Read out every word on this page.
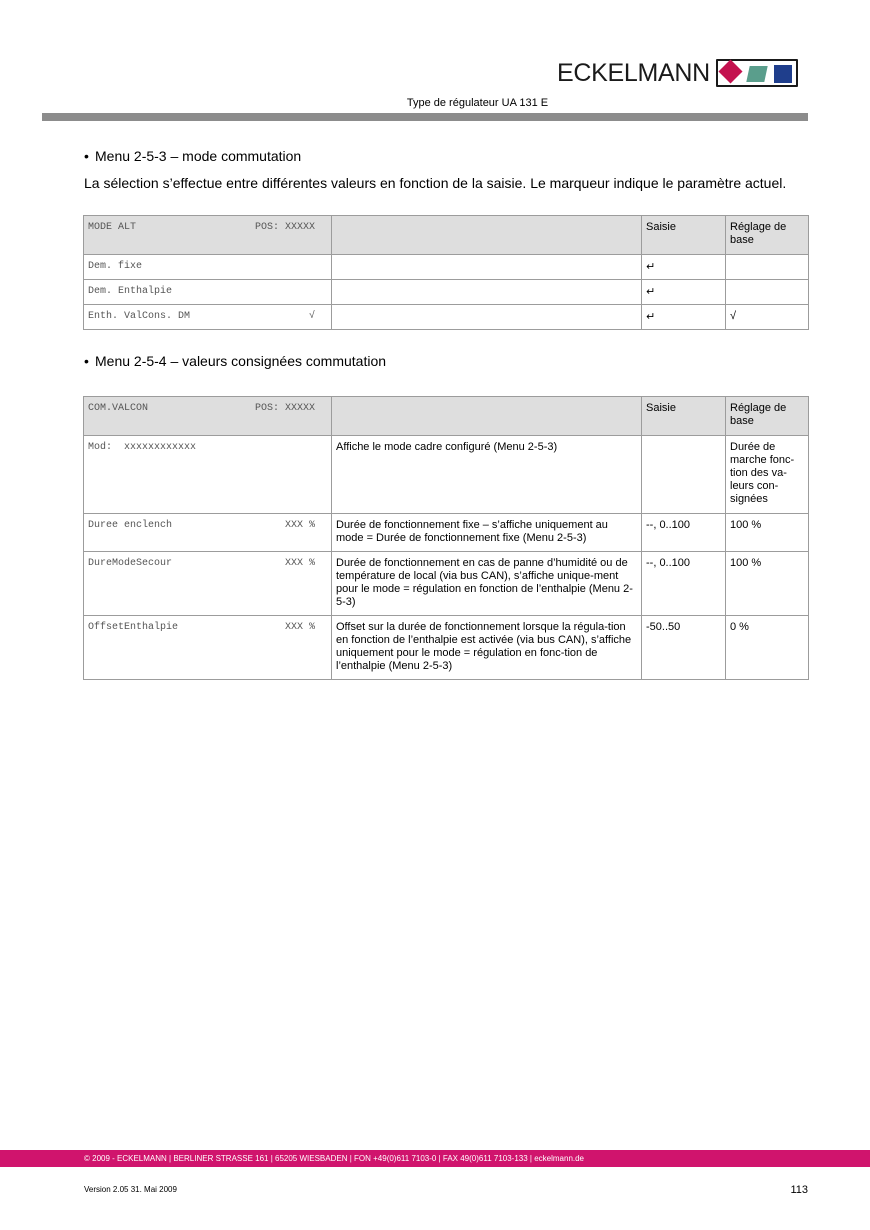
ECKELMANN
Type de régulateur UA 131 E
• Menu 2-5-3 – mode commutation
La sélection s’effectue entre différentes valeurs en fonction de la saisie. Le marqueur indique le paramètre actuel.
MODE ALT POS: XXXXX		Saisie	Réglage de base

Dem. fixe		↵	

Dem. Enthalpie		↵	

Enth. ValCons. DM √		↵	√
• Menu 2-5-4 – valeurs consignées commutation
COM.VALCON POS: XXXXX		Saisie	Réglage de base

Mod:  xxxxxxxxxxxx	Affiche le mode cadre configuré (Menu 2-5-3)		Durée de marche fonc-tion des va-leurs con-signées

Duree enclench XXX %	Durée de fonctionnement fixe – s’affiche uniquement au mode = Durée de fonctionnement fixe (Menu 2-5-3)	--, 0..100	100 %

DureModeSecour XXX %	Durée de fonctionnement en cas de panne d’humidité ou de température de local (via bus CAN), s’affiche unique-ment pour le mode = régulation en fonction de l’enthalpie (Menu 2-5-3)	--, 0..100	100 %

OffsetEnthalpie XXX %	Offset sur la durée de fonctionnement lorsque la régula-tion en fonction de l’enthalpie est activée (via bus CAN), s’affiche uniquement pour le mode = régulation en fonc-tion de l’enthalpie (Menu 2-5-3)	-50..50	0 %
© 2009 - ECKELMANN | BERLINER STRASSE 161 | 65205 WIESBADEN | FON +49(0)611 7103-0 | FAX 49(0)611 7103-133 | eckelmann.de
Version 2.05 31. Mai 2009	113
